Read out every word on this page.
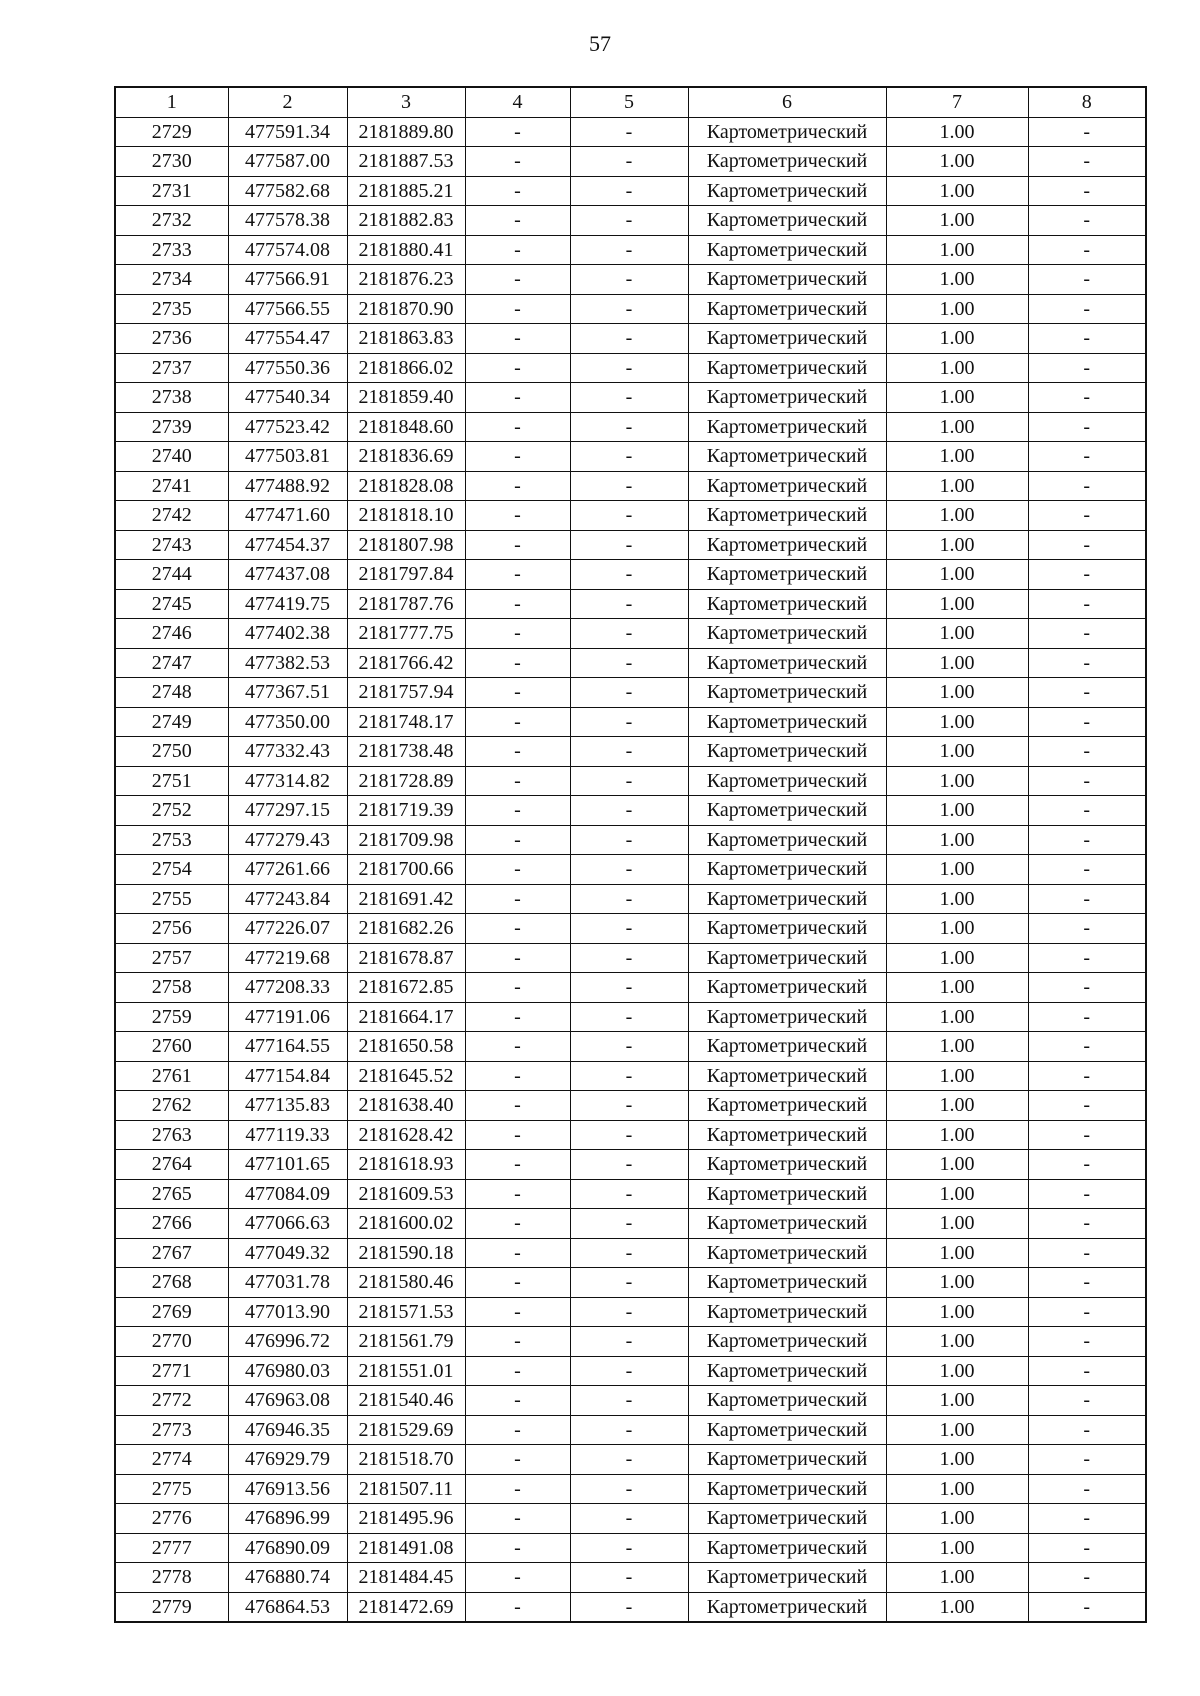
57
1	2	3	4	5	6	7	8
2729	477591.34	2181889.80	-	-	Картометрический	1.00	-
2730	477587.00	2181887.53	-	-	Картометрический	1.00	-
2731	477582.68	2181885.21	-	-	Картометрический	1.00	-
2732	477578.38	2181882.83	-	-	Картометрический	1.00	-
2733	477574.08	2181880.41	-	-	Картометрический	1.00	-
2734	477566.91	2181876.23	-	-	Картометрический	1.00	-
2735	477566.55	2181870.90	-	-	Картометрический	1.00	-
2736	477554.47	2181863.83	-	-	Картометрический	1.00	-
2737	477550.36	2181866.02	-	-	Картометрический	1.00	-
2738	477540.34	2181859.40	-	-	Картометрический	1.00	-
2739	477523.42	2181848.60	-	-	Картометрический	1.00	-
2740	477503.81	2181836.69	-	-	Картометрический	1.00	-
2741	477488.92	2181828.08	-	-	Картометрический	1.00	-
2742	477471.60	2181818.10	-	-	Картометрический	1.00	-
2743	477454.37	2181807.98	-	-	Картометрический	1.00	-
2744	477437.08	2181797.84	-	-	Картометрический	1.00	-
2745	477419.75	2181787.76	-	-	Картометрический	1.00	-
2746	477402.38	2181777.75	-	-	Картометрический	1.00	-
2747	477382.53	2181766.42	-	-	Картометрический	1.00	-
2748	477367.51	2181757.94	-	-	Картометрический	1.00	-
2749	477350.00	2181748.17	-	-	Картометрический	1.00	-
2750	477332.43	2181738.48	-	-	Картометрический	1.00	-
2751	477314.82	2181728.89	-	-	Картометрический	1.00	-
2752	477297.15	2181719.39	-	-	Картометрический	1.00	-
2753	477279.43	2181709.98	-	-	Картометрический	1.00	-
2754	477261.66	2181700.66	-	-	Картометрический	1.00	-
2755	477243.84	2181691.42	-	-	Картометрический	1.00	-
2756	477226.07	2181682.26	-	-	Картометрический	1.00	-
2757	477219.68	2181678.87	-	-	Картометрический	1.00	-
2758	477208.33	2181672.85	-	-	Картометрический	1.00	-
2759	477191.06	2181664.17	-	-	Картометрический	1.00	-
2760	477164.55	2181650.58	-	-	Картометрический	1.00	-
2761	477154.84	2181645.52	-	-	Картометрический	1.00	-
2762	477135.83	2181638.40	-	-	Картометрический	1.00	-
2763	477119.33	2181628.42	-	-	Картометрический	1.00	-
2764	477101.65	2181618.93	-	-	Картометрический	1.00	-
2765	477084.09	2181609.53	-	-	Картометрический	1.00	-
2766	477066.63	2181600.02	-	-	Картометрический	1.00	-
2767	477049.32	2181590.18	-	-	Картометрический	1.00	-
2768	477031.78	2181580.46	-	-	Картометрический	1.00	-
2769	477013.90	2181571.53	-	-	Картометрический	1.00	-
2770	476996.72	2181561.79	-	-	Картометрический	1.00	-
2771	476980.03	2181551.01	-	-	Картометрический	1.00	-
2772	476963.08	2181540.46	-	-	Картометрический	1.00	-
2773	476946.35	2181529.69	-	-	Картометрический	1.00	-
2774	476929.79	2181518.70	-	-	Картометрический	1.00	-
2775	476913.56	2181507.11	-	-	Картометрический	1.00	-
2776	476896.99	2181495.96	-	-	Картометрический	1.00	-
2777	476890.09	2181491.08	-	-	Картометрический	1.00	-
2778	476880.74	2181484.45	-	-	Картометрический	1.00	-
2779	476864.53	2181472.69	-	-	Картометрический	1.00	-
